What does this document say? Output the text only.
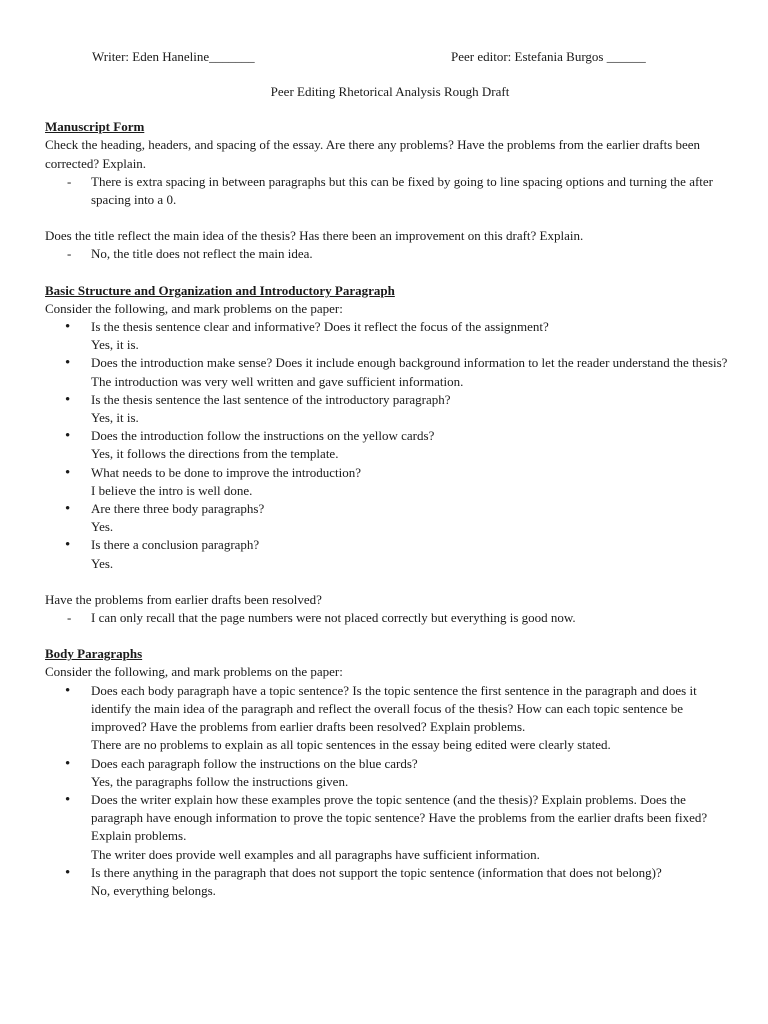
Writer: Eden Haneline_______	Peer editor: Estefania Burgos ______
Peer Editing Rhetorical Analysis Rough Draft

Manuscript Form

Check the heading, headers, and spacing of the essay. Are there any problems? Have the problems from the earlier drafts been corrected? Explain.

- There is extra spacing in between paragraphs but this can be fixed by going to line spacing options and turning the after spacing into a 0.

Does the title reflect the main idea of the thesis? Has there been an improvement on this draft? Explain.

- No, the title does not reflect the main idea.

Basic Structure and Organization and Introductory Paragraph

Consider the following, and mark problems on the paper:

• Is the thesis sentence clear and informative? Does it reflect the focus of the assignment?
Yes, it is.
• Does the introduction make sense? Does it include enough background information to let the reader understand the thesis?
The introduction was very well written and gave sufficient information.
• Is the thesis sentence the last sentence of the introductory paragraph?
Yes, it is.
• Does the introduction follow the instructions on the yellow cards?
Yes, it follows the directions from the template.
• What needs to be done to improve the introduction?
I believe the intro is well done.
• Are there three body paragraphs?
Yes.
• Is there a conclusion paragraph?
Yes.

Have the problems from earlier drafts been resolved?

- I can only recall that the page numbers were not placed correctly but everything is good now.

Body Paragraphs

Consider the following, and mark problems on the paper:

• Does each body paragraph have a topic sentence? Is the topic sentence the first sentence in the paragraph and does it identify the main idea of the paragraph and reflect the overall focus of the thesis? How can each topic sentence be improved? Have the problems from earlier drafts been resolved? Explain problems.
There are no problems to explain as all topic sentences in the essay being edited were clearly stated.
• Does each paragraph follow the instructions on the blue cards?
Yes, the paragraphs follow the instructions given.
• Does the writer explain how these examples prove the topic sentence (and the thesis)? Explain problems. Does the paragraph have enough information to prove the topic sentence? Have the problems from the earlier drafts been fixed? Explain problems.
The writer does provide well examples and all paragraphs have sufficient information.
• Is there anything in the paragraph that does not support the topic sentence (information that does not belong)?
No, everything belongs.
